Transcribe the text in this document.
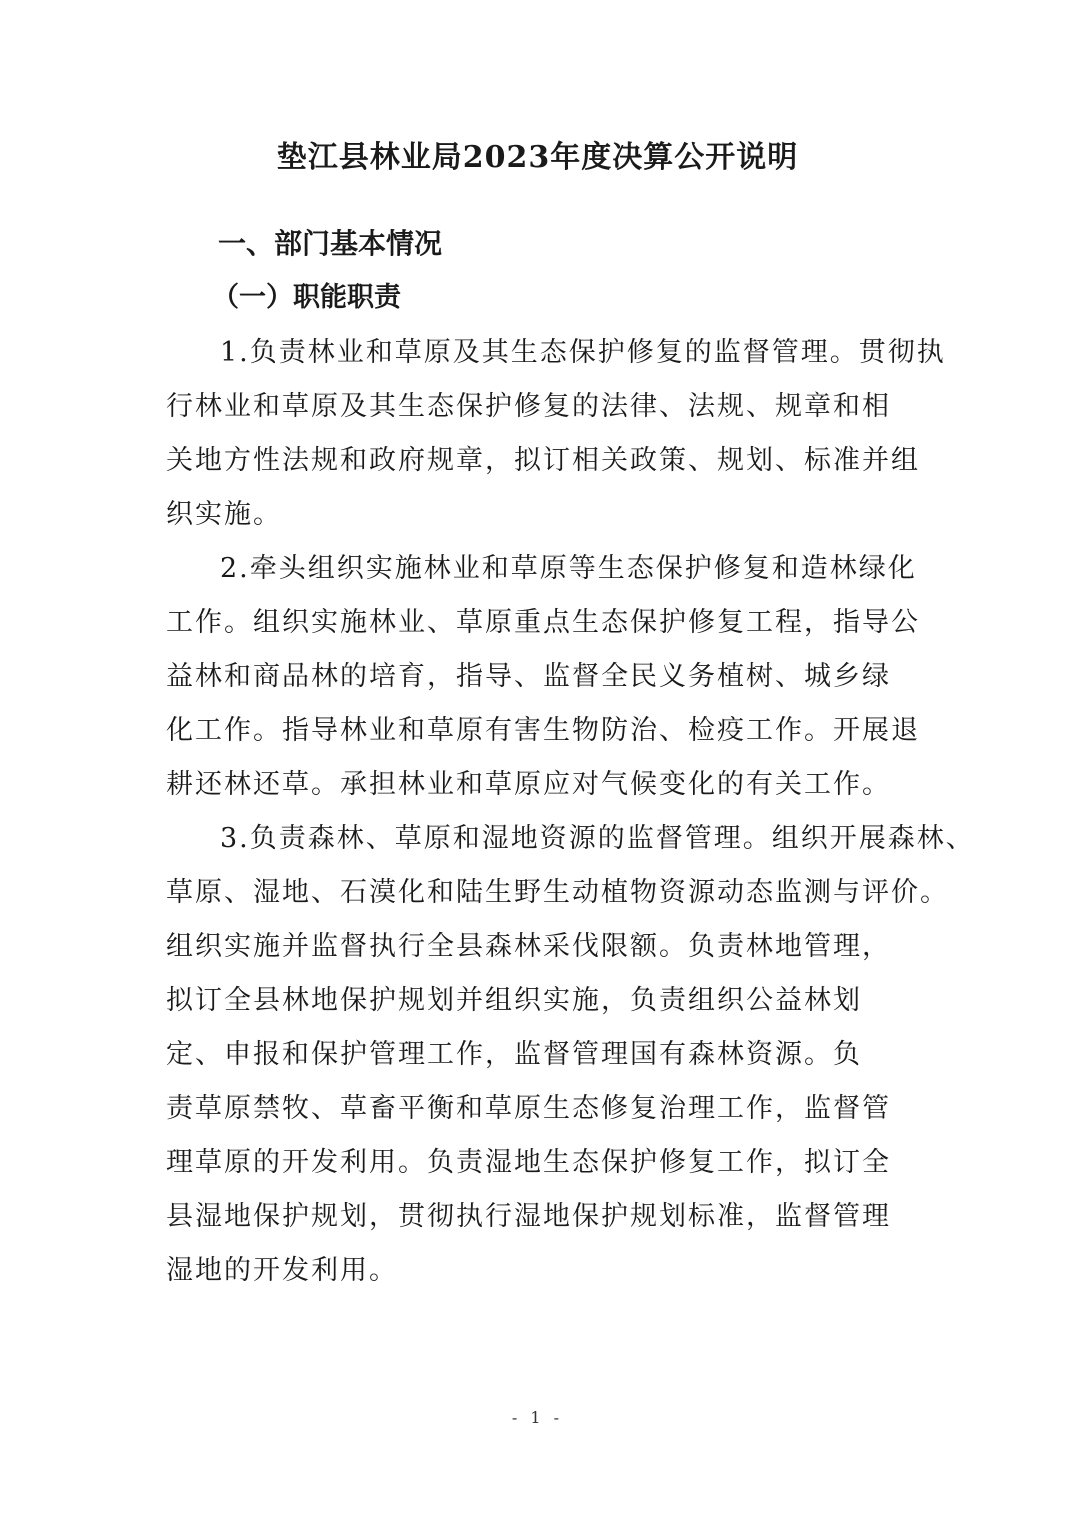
垫江县林业局2023年度决算公开说明
一、部门基本情况
（一）职能职责
1.负责林业和草原及其生态保护修复的监督管理。贯彻执
行林业和草原及其生态保护修复的法律、法规、规章和相
关地方性法规和政府规章，拟订相关政策、规划、标准并组
织实施。
2.牵头组织实施林业和草原等生态保护修复和造林绿化
工作。组织实施林业、草原重点生态保护修复工程，指导公
益林和商品林的培育，指导、监督全民义务植树、城乡绿
化工作。指导林业和草原有害生物防治、检疫工作。开展退
耕还林还草。承担林业和草原应对气候变化的有关工作。
3.负责森林、草原和湿地资源的监督管理。组织开展森林、
草原、湿地、石漠化和陆生野生动植物资源动态监测与评价。
组织实施并监督执行全县森林采伐限额。负责林地管理，
拟订全县林地保护规划并组织实施，负责组织公益林划
定、申报和保护管理工作，监督管理国有森林资源。负
责草原禁牧、草畜平衡和草原生态修复治理工作，监督管
理草原的开发利用。负责湿地生态保护修复工作，拟订全
县湿地保护规划，贯彻执行湿地保护规划标准，监督管理
湿地的开发利用。
- 1 -
